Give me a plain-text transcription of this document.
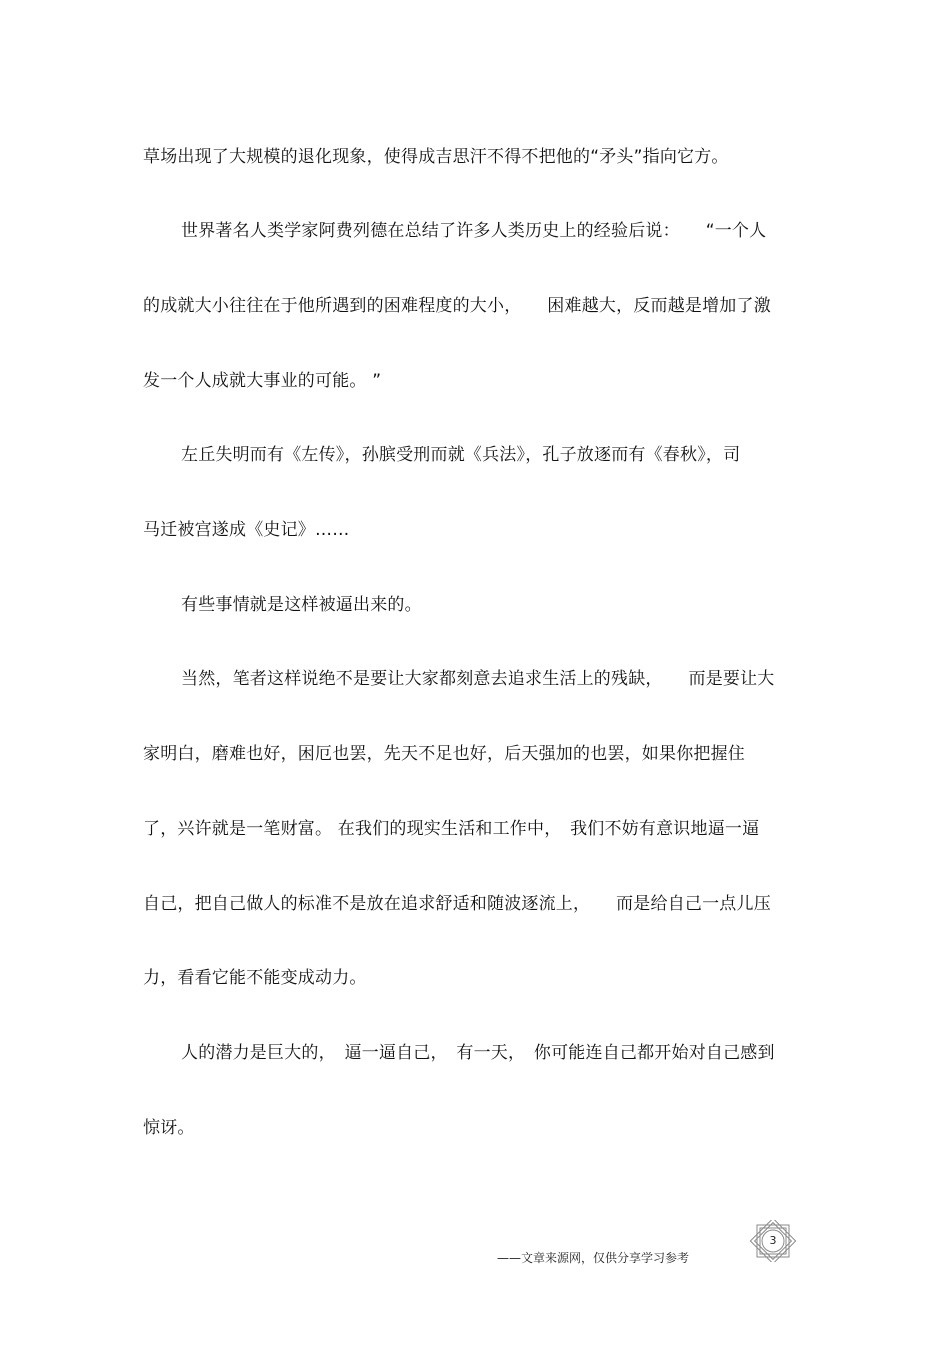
草场出现了大规模的退化现象，使得成吉思汗不得不把他的“矛头”指向它方。
世界著名人类学家阿费列德在总结了许多人类历史上的经验后说：　　“一个人
的成就大小往往在于他所遇到的困难程度的大小，　　困难越大，反而越是增加了激
发一个人成就大事业的可能。 ”
左丘失明而有《左传》，孙膑受刑而就《兵法》，孔子放逐而有《春秋》，司
马迁被宫遂成《史记》……
有些事情就是这样被逼出来的。
当然，笔者这样说绝不是要让大家都刻意去追求生活上的残缺，　　而是要让大
家明白，磨难也好，困厄也罢，先天不足也好，后天强加的也罢，如果你把握住
了，兴许就是一笔财富。 在我们的现实生活和工作中，　我们不妨有意识地逼一逼
自己，把自己做人的标准不是放在追求舒适和随波逐流上，　　而是给自己一点儿压
力，看看它能不能变成动力。
人的潜力是巨大的，　逼一逼自己，　有一天，　你可能连自己都开始对自己感到
惊讶。
——文章来源网，仅供分享学习参考
3
